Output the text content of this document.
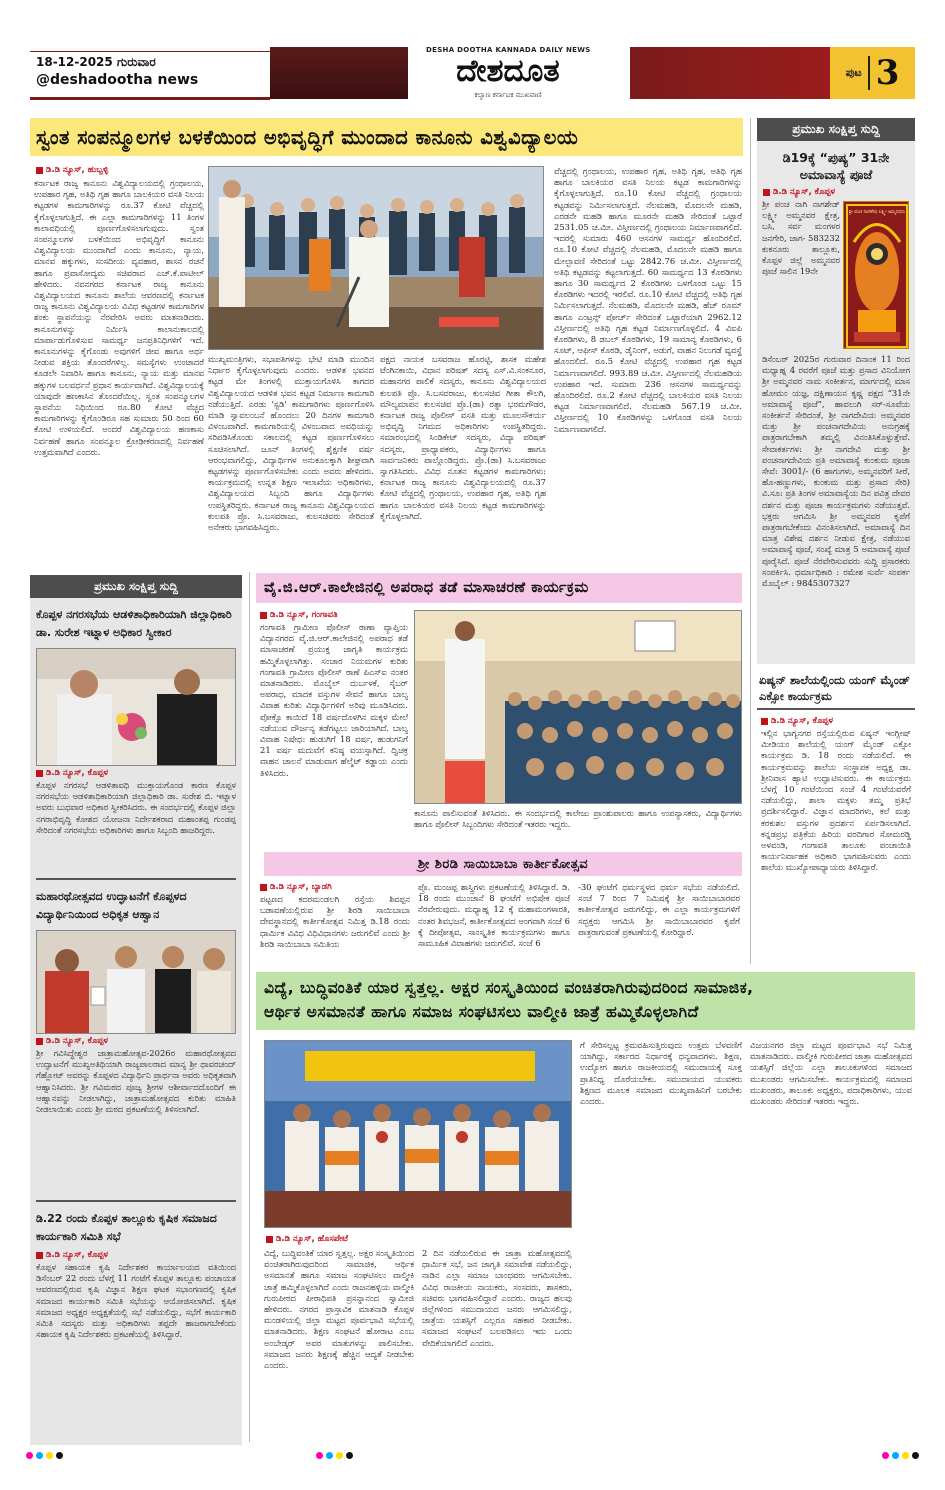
18-12-2025 ಗುರುವಾರ
@deshadootha news
DESHA DOOTHA KANNADA DAILY NEWS
ದೇಶದೂತ
ಕಲ್ಯಾಣ ಕರ್ನಾಟಕ ಮುಖವಾಣಿ
ಪುಟ 3
ಸ್ವಂತ ಸಂಪನ್ಮೂಲಗಳ ಬಳಕೆಯಿಂದ ಅಭಿವೃದ್ಧಿಗೆ ಮುಂದಾದ ಕಾನೂನು ವಿಶ್ವವಿದ್ಯಾಲಯ
ಡಿ.ಡಿ ನ್ಯೂಸ್, ಹುಬ್ಬಳ್ಳಿ
ಕರ್ನಾಟಕ ರಾಜ್ಯ ಕಾನೂನು ವಿಶ್ವವಿದ್ಯಾಲಯದಲ್ಲಿ ಗ್ರಂಥಾಲಯ, ಉಪಹಾರ ಗೃಹ, ಅತಿಥಿ ಗೃಹ ಹಾಗೂ ಬಾಲಕಿಯರ ವಸತಿ ನಿಲಯ ಕಟ್ಟಡಗಳ ಕಾಮಗಾರಿಗಳನ್ನು ರೂ.37 ಕೋಟಿ ವೆಚ್ಚದಲ್ಲಿ ಕೈಗೊಳ್ಳಲಾಗುತ್ತಿದೆ. ಈ ಎಲ್ಲಾ ಕಾಮಗಾರಿಗಳನ್ನು 11 ತಿಂಗಳ ಕಾಲಾವಧಿಯಲ್ಲಿ ಪೂರ್ಣಗೊಳಿಸಲಾಗುವುದು. ಸ್ವಂತ ಸಂಪನ್ಮೂಲಗಳ ಬಳಕೆಯಿಂದ ಅಭಿವೃದ್ಧಿಗೆ ಕಾನೂನು ವಿಶ್ವವಿದ್ಯಾಲಯ ಮುಂದಾಗಿದೆ ಎಂದು ಕಾನೂನು, ನ್ಯಾಯ, ಮಾನವ ಹಕ್ಕುಗಳು, ಸಂಸದೀಯ ವ್ಯವಹಾರ, ಶಾಸನ ರಚನೆ ಹಾಗೂ ಪ್ರವಾಸೋದ್ಯಮ ಸಚಿವರಾದ ಎಚ್.ಕೆ.ಪಾಟೀಲ್ ಹೇಳಿದರು. ನವನಗರದ ಕರ್ನಾಟಕ ರಾಜ್ಯ ಕಾನೂನು ವಿಶ್ವವಿದ್ಯಾಲಯದ ಕಾನೂನು ಶಾಲೆಯ ಆವರಣದಲ್ಲಿ ಕರ್ನಾಟಕ ರಾಜ್ಯ ಕಾನೂನು ವಿಶ್ವವಿದ್ಯಾಲಯ ವಿವಿಧ ಕಟ್ಟಡಗಳ ಕಾಮಗಾರಿಗಳ ಶಂಕು ಸ್ಥಾಪನೆಯನ್ನು ನೆರವೇರಿಸಿ ಅವರು ಮಾತನಾಡಿದರು. ಕಾನೂನುಗಳನ್ನು ನಿರ್ಮಿಸಿ ಕಾಲಾನುಕಾಲದಲ್ಲಿ ಮಾರ್ಪಾಡುಗೊಳಿಸುವ ಸಾಮರ್ಥ್ಯ ಜನಪ್ರತಿನಿಧಿಗಳಿಗೆ ಇದೆ. ಕಾನೂನುಗಳನ್ನು ಕೈಗೊಂಡು ಅವುಗಳಿಗೆ ಜೀವ ಹಾಗೂ ಅರ್ಥ ನೀಡುವ ಶಕ್ತಿಯ ತೊಂದರೆಗಳಿಲ್ಲ. ಸಮಸ್ಯೆಗಳು ಉಂಟಾದರೆ ಕೂಡಲೇ ನಿವಾರಿಸಿ ಹಾಗೂ ಕಾನೂನು, ನ್ಯಾಯ ಮತ್ತು ಮಾನವ ಹಕ್ಕುಗಳ ಬಲವರ್ಧನೆ ಪ್ರಧಾನ ಕಾರ್ಯವಾಗಿದೆ. ವಿಶ್ವವಿದ್ಯಾಲಯಕ್ಕೆ ಯಾವುದೇ ಹಣಕಾಸಿನ ತೊಂದರೆಯಿಲ್ಲ. ಸ್ವಂತ ಸಂಪನ್ಮೂಲಗಳ ಸ್ಥಾಪನೆಯ ನಿಧಿಯಿಂದ ರೂ.80 ಕೋಟಿ ವೆಚ್ಚದ ಕಾಮಗಾರಿಗಳನ್ನು ಕೈಗೊಂಡಿರೂ ಸಹ ಸುಮಾರು 50 ರಿಂದ 60 ಕೋಟಿ ಉಳಿಯಲಿದೆ. ಅಂದರೆ ವಿಶ್ವವಿದ್ಯಾಲಯ ಹಣಕಾಸು ನಿರ್ವಹಣೆ ಹಾಗೂ ಸಂಪನ್ಮೂಲ ಕ್ರೋಢೀಕರಣದಲ್ಲಿ ನಿರ್ವಹಣೆ ಉತ್ತಮವಾಗಿದೆ ಎಂದರು.
ಮುಖ್ಯಮಂತ್ರಿಗಳು, ಸಭಾಪತಿಗಳನ್ನು ಭೇಟಿ ಮಾಡಿ ಮುಂದಿನ ನಿರ್ಧಾರ ಕೈಗೊಳ್ಳಲಾಗುವುದು ಎಂದರು. ಆಡಳಿತ ಭವನದ ಕಟ್ಟಡ ಮೇ ತಿಂಗಳಲ್ಲಿ ಮುಕ್ತಾಯಗೊಳಿಸಿ ಕಾಗದರ ವಿಶ್ವವಿದ್ಯಾಲಯದ ಆಡಳಿತ ಭವನ ಕಟ್ಟಡ ನಿರ್ಮಾಣ ಕಾಮಗಾರಿ ನಡೆಯುತ್ತಿದೆ. ಎರಡು 'ಸ್ಟಡಿ' ಕಾಮಗಾರಿಗಳು ಪೂರ್ಣಗೊಳಿಸಿ ಮಾಡಿ ಸ್ವಾವಲಂಬನೆ ಹೊಂದಲು 20 ದಿನಗಳ ಕಾಮಗಾರಿ ವಿಳಂಬವಾಗಿದೆ. ಕಾಮಗಾರಿಯಲ್ಲಿ ವಿಳಂಬವಾದ ಅವಧಿಯನ್ನು ಸರಿಪಡಿಸಿಕೊಂಡು ಸಕಾಲದಲ್ಲಿ ಕಟ್ಟಡ ಪೂರ್ಣಗೊಳಿಸಲು ಸೂಚಿಸಲಾಗಿದೆ. ಜೂನ್ ತಿಂಗಳಲ್ಲಿ ಶೈಕ್ಷಣಿಕ ವರ್ಷ ಆರಂಭವಾಗಲಿದ್ದು, ವಿದ್ಯಾರ್ಥಿಗಳ ಅನುಕೂಲಕ್ಕಾಗಿ ಶೀಘ್ರವಾಗಿ ಕಟ್ಟಡಗಳನ್ನು ಪೂರ್ಣಗೊಳಿಸಬೇಕು ಎಂದು ಅವರು ಹೇಳಿದರು. ಕಾರ್ಯಕ್ರಮದಲ್ಲಿ ಉನ್ನತ ಶಿಕ್ಷಣ ಇಲಾಖೆಯ ಅಧಿಕಾರಿಗಳು, ವಿಶ್ವವಿದ್ಯಾಲಯದ ಸಿಬ್ಬಂದಿ ಹಾಗೂ ವಿದ್ಯಾರ್ಥಿಗಳು ಉಪಸ್ಥಿತರಿದ್ದರು. ಕರ್ನಾಟಕ ರಾಜ್ಯ ಕಾನೂನು ವಿಶ್ವವಿದ್ಯಾಲಯದ ಕುಲಪತಿ ಪ್ರೊ. ಸಿ.ಬಸವರಾಜು, ಕುಲಸಚಿವರು ಸೇರಿದಂತೆ ಅನೇಕರು ಭಾಗವಹಿಸಿದ್ದರು.
ಪಕ್ಷದ ನಾಯಕ ಬಸವರಾಜ ಹೊರಟ್ಟಿ, ಶಾಸಕ ಮಹೇಶ ಟೆಂಗಿನಕಾಯಿ, ವಿಧಾನ ಪರಿಷತ್ ಸದಸ್ಯ ಎಸ್.ವಿ.ಸಂಕನೂರ, ಮಹಾನಗರ ಪಾಲಿಕೆ ಸದಸ್ಯರು, ಕಾನೂನು ವಿಶ್ವವಿದ್ಯಾಲಯದ ಕುಲಪತಿ ಪ್ರೊ. ಸಿ.ಬಸವರಾಜು, ಕುಲಸಚಿವ ಗೀತಾ ಕೌಲಗಿ, ಮೌಲ್ಯಮಾಪನ ಕುಲಸಚಿವ ಪ್ರೊ.(ಡಾ) ರತ್ನಾ ಭರಮಗೌಡರ, ಕರ್ನಾಟಕ ರಾಜ್ಯ ಪೊಲೀಸ್ ವಸತಿ ಮತ್ತು ಮೂಲಸೌಕರ್ಯ ಅಭಿವೃದ್ಧಿ ನಿಗಮದ ಅಧಿಕಾರಿಗಳು ಉಪಸ್ಥಿತರಿದ್ದರು. ಸಮಾರಂಭದಲ್ಲಿ ಸಿಂಡಿಕೇಟ್ ಸದಸ್ಯರು, ವಿದ್ಯಾ ಪರಿಷತ್ ಸದಸ್ಯರು, ಪ್ರಾಧ್ಯಾಪಕರು, ವಿದ್ಯಾರ್ಥಿಗಳು ಹಾಗೂ ಸಾರ್ವಜನಿಕರು ಪಾಲ್ಗೊಂಡಿದ್ದರು. ಪ್ರೊ.(ಡಾ) ಸಿ.ಬಸವರಾಜು ಸ್ವಾಗತಿಸಿದರು. ವಿವಿಧ ನೂತನ ಕಟ್ಟಡಗಳ ಕಾಮಗಾರಿಗಳು: ಕರ್ನಾಟಕ ರಾಜ್ಯ ಕಾನೂನು ವಿಶ್ವವಿದ್ಯಾಲಯದಲ್ಲಿ ರೂ.37 ಕೋಟಿ ವೆಚ್ಚದಲ್ಲಿ ಗ್ರಂಥಾಲಯ, ಉಪಹಾರ ಗೃಹ, ಅತಿಥಿ ಗೃಹ ಹಾಗೂ ಬಾಲಕಿಯರ ವಸತಿ ನಿಲಯ ಕಟ್ಟಡ ಕಾಮಗಾರಿಗಳನ್ನು ಕೈಗೊಳ್ಳಲಾಗಿದೆ.
ವೆಚ್ಚದಲ್ಲಿ ಗ್ರಂಥಾಲಯ, ಉಪಹಾರ ಗೃಹ, ಅತಿಥಿ ಗೃಹ, ಅತಿಥಿ ಗೃಹ ಹಾಗೂ ಬಾಲಕಿಯರ ವಸತಿ ನಿಲಯ ಕಟ್ಟಡ ಕಾಮಗಾರಿಗಳನ್ನು ಕೈಗೊಳ್ಳಲಾಗುತ್ತಿದೆ. ರೂ.10 ಕೋಟಿ ವೆಚ್ಚದಲ್ಲಿ ಗ್ರಂಥಾಲಯ ಕಟ್ಟಡವನ್ನು ನಿರ್ಮಿಸಲಾಗುತ್ತದೆ. ನೆಲಮಹಡಿ, ಮೊದಲನೇ ಮಹಡಿ, ಎರಡನೇ ಮಹಡಿ ಹಾಗೂ ಮೂರನೇ ಮಹಡಿ ಸೇರಿದಂತೆ ಒಟ್ಟಾರೆ 2531.05 ಚ.ಮೀ. ವಿಸ್ತೀರ್ಣದಲ್ಲಿ ಗ್ರಂಥಾಲಯ ನಿರ್ಮಾಣವಾಗಲಿದೆ. ಇದರಲ್ಲಿ ಸುಮಾರು 460 ಆಸನಗಳ ಸಾಮರ್ಥ್ಯ ಹೊಂದಿರಲಿದೆ. ರೂ.10 ಕೋಟಿ ವೆಚ್ಚದಲ್ಲಿ ನೆಲಮಹಡಿ, ಮೊದಲನೇ ಮಹಡಿ ಹಾಗೂ ಮೇಲ್ಛಾವಣಿ ಸೇರಿದಂತೆ ಒಟ್ಟು 2842.76 ಚ.ಮೀ. ವಿಸ್ತೀರ್ಣದಲ್ಲಿ ಅತಿಥಿ ಕಟ್ಟಡವನ್ನು ಕಟ್ಟಲಾಗುತ್ತದೆ. 60 ಸಾಮರ್ಥ್ಯದ 13 ಕೊಠಡಿಗಳು ಹಾಗೂ 30 ಸಾಮರ್ಥ್ಯದ 2 ಕೊಠಡಿಗಳು ಒಳಗೊಂಡ ಒಟ್ಟು 15 ಕೊಠಡಿಗಳು ಇದರಲ್ಲಿ ಇರಲಿವೆ. ರೂ.10 ಕೋಟಿ ವೆಚ್ಚದಲ್ಲಿ ಅತಿಥಿ ಗೃಹ ನಿರ್ಮಿಸಲಾಗುತ್ತದೆ. ನೆಲಮಹಡಿ, ಮೊದಲನೇ ಮಹಡಿ, ಹೆಚ್ ರೂಮ್ ಹಾಗೂ ಎಂಟ್ರನ್ಸ್ ಪೋರ್ಚ್ ಸೇರಿದಂತೆ ಒಟ್ಟಾರೆಯಾಗಿ 2962.12 ವಿಸ್ತೀರ್ಣದಲ್ಲಿ ಅತಿಥಿ ಗೃಹ ಕಟ್ಟಡ ನಿರ್ಮಾಣಗೊಳ್ಳಲಿದೆ. 4 ವಿಐಪಿ ಕೊಠಡಿಗಳು, 8 ಡಬಲ್ ಕೊಠಡಿಗಳು, 19 ಸಾಮಾನ್ಯ ಕೊಠಡಿಗಳು, 6 ಸೂಟ್, ಆಫೀಸ್ ಕೊಠಡಿ, ಡೈನಿಂಗ್, ಅಡುಗೆ, ವಾಹನ ನಿಲುಗಡೆ ವ್ಯವಸ್ಥೆ ಹೊಂದಲಿದೆ. ರೂ.5 ಕೋಟಿ ವೆಚ್ಚದಲ್ಲಿ ಉಪಹಾರ ಗೃಹ ಕಟ್ಟಡ ನಿರ್ಮಾಣವಾಗಲಿದೆ. 993.89 ಚ.ಮೀ. ವಿಸ್ತೀರ್ಣದಲ್ಲಿ ನೆಲಮಹಡಿಯ ಉಪಹಾರ ಇದೆ. ಸುಮಾರು 236 ಆಸನಗಳ ಸಾಮರ್ಥ್ಯವನ್ನು ಹೊಂದಿರಲಿದೆ. ರೂ.2 ಕೋಟಿ ವೆಚ್ಚದಲ್ಲಿ ಬಾಲಕಿಯರ ವಸತಿ ನಿಲಯ ಕಟ್ಟಡ ನಿರ್ಮಾಣವಾಗಲಿದೆ. ನೆಲಮಹಡಿ 567.19 ಚ.ಮೀ. ವಿಸ್ತೀರ್ಣದಲ್ಲಿ 10 ಕೊಠಡಿಗಳನ್ನು ಒಳಗೊಂಡ ವಸತಿ ನಿಲಯ ನಿರ್ಮಾಣವಾಗಲಿದೆ.
ಪ್ರಮುಖ ಸಂಕ್ಷಿಪ್ತ ಸುದ್ದಿ
ಡಿ19ಕ್ಕೆ “ಪುಷ್ಯ” 31ನೇ ಅಮಾವಾಸ್ಯೆ ಪೂಜೆ
ಡಿ.ಡಿ ನ್ಯೂಸ್, ಕೊಪ್ಪಳ
ಶ್ರೀ ಪಂಚ ನಾಗಿ ನಾಗಶೇಡ್ ಲಕ್ಷ್ಮೀ ಅಮ್ಮನವರ ಕ್ಷೇತ್ರ, ಬಸಿ, ಸರ್ವ ಮಂಗಳರ ಜನಗೇರಿ, ಜಾಗ- 583232 ಕುಕನೂರು ತಾಲ್ಲೂಕು, ಕೊಪ್ಪಳ ಜಿಲ್ಲೆ ಅಮ್ಮನವರ ಪೂಜೆ ಸಾಲಿನ 19ನೇ
ಶ್ರೀ ಪಂಚ ನಾಗಶೇಷ ಲಕ್ಷ್ಮೀ ಅಮ್ಮನವರು
ಡಿಸೆಂಬರ್ 2025ರ ಗುರುವಾರ ದಿನಾಂಕ 11 ರಿಂದ ಮಧ್ಯಾಹ್ನ 4 ರವರೆಗೆ ಪೂಜೆ ಮತ್ತು ಪ್ರಸಾದ ವಿನಿಯೋಗ ಶ್ರೀ ಅಮ್ಮನವರ ನಾಮ ಸಂಕೀರ್ತನ, ಮಾರ್ಗದಲ್ಲಿ ಮಾಸ ಹೋಮಂ ಯಜ್ಞ, ದಕ್ಷಿಣಾಯನ ಕೃಷ್ಣ ಪಕ್ಷದ “31ನೇ ಅಮಾವಾಸ್ಯೆ ಪೂಜೆ”, ಹಾವಲುಗಿ ಸರ್-ಸೂವೆಯ ಸಂಕೀರ್ತನೆ ಸೇರಿದಂತೆ, ಶ್ರೀ ನಾಗದೇವಿಯ ಅಮ್ಮನವರ ಮತ್ತು ಶ್ರೀ ಪಂಚನಾಗದೇವಿಯ ಅನುಗ್ರಹಕ್ಕೆ ಪಾತ್ರರಾಗಬೇಕಾಗಿ ತಮ್ಮಲ್ಲಿ ವಿನಂತಿಸಿಕೊಳ್ಳುತ್ತೇವೆ. ಸೇವಾಕರ್ತಗಳ: ಶ್ರೀ ನಾಗದೇವಿ ಮತ್ತು ಶ್ರೀ ಪಂಚನಾಗದೇವಿಯ ಪ್ರತಿ ಅಮಾವಾಸ್ಯೆ ಕುಂಕುಮ ಪೂಜಾ ಸೇವೆ: 3001/- (6 ಹಾಗುಗಳು, ಅಮ್ಮನವರಿಗೆ ಸೀರೆ, ಹೊ-ಹಣ್ಣುಗಳು, ಕುಂಕುಮ ಮತ್ತು ಪ್ರಸಾದ ಸೇರಿ) ವಿ.ಸೂ: ಪ್ರತಿ ತಿಂಗಳ ಅಮಾವಾಸ್ಯೆಯ ದಿನ ಪವಿತ್ರ ದೇವರ ದರ್ಶನ ಮತ್ತು ಪೂಜಾ ಕಾರ್ಯಕ್ರಮಗಳು ನಡೆಯುತ್ತವೆ. ಭಕ್ತರು ಆಗಮಿಸಿ ಶ್ರೀ ಅಮ್ಮನವರ ಕೃಪೆಗೆ ಪಾತ್ರರಾಗಬೇಕೆಂದು ವಿನಂತಿಸಲಾಗಿದೆ. ಅಮಾವಾಸ್ಯೆ ದಿನ ಮಾತ್ರ ವಿಶೇಷ ದರ್ಶನ ನೀಡುವ ಕ್ಷೇತ್ರ, ನಡೆಯುವ ಅಮಾವಾಸ್ಯೆ ಪೂಜೆ, ಸಂಖ್ಯೆ ಮಾತ್ರ 5 ಅಮಾವಾಸ್ಯೆ ಪೂಜೆ ಪೂರೈಸಿದೆ. ಪೂಜೆ ನೆರವೇರಿಸುವವರು ಸುದ್ದಿ ಪ್ರಸಾರಕರು ಸಂಪರ್ಕಿಸಿ. ಧರ್ಮಾಧಿಕಾರಿ : ರಮೇಶ ಸುರ್ವೆ ಸಂಪರ್ಕ ಮೊಬೈಲ್ : 9845307327
ಏಷ್ಯನ್ ಶಾಲೆಯಲ್ಲಿಂದು ಯಂಗ್ ಮೈಂಡ್ ಎಕ್ಸೋ ಕಾರ್ಯಕ್ರಮ
ಡಿ.ಡಿ ನ್ಯೂಸ್, ಕೊಪ್ಪಳ
ಇಲ್ಲಿನ ಭಾಗ್ಯನಗರ ರಸ್ತೆಯಲ್ಲಿರುವ ಏಷ್ಯನ್ ಇಂಗ್ಲೀಷ್ ಮೀಡಿಯಂ ಶಾಲೆಯಲ್ಲಿ ಯಂಗ್ ಮೈಂಡ್ ಎಕ್ಸೋ ಕಾರ್ಯಕ್ರಮ ಡಿ. 18 ರಂದು ನಡೆಯಲಿದೆ. ಈ ಕಾರ್ಯಕ್ರಮವನ್ನು ಶಾಲೆಯ ಸಂಸ್ಥಾಪಕ ಅಧ್ಯಕ್ಷ ಡಾ. ಶ್ರೀನಿವಾಸ ಹ್ಯಾಟಿ ಉದ್ಘಾಟಿಸುವರು. ಈ ಕಾರ್ಯಕ್ರಮ ಬೆಳಗ್ಗೆ 10 ಗಂಟೆಯಿಂದ ಸಂಜೆ 4 ಗಂಟೆಯವರೆಗೆ ನಡೆಯಲಿದ್ದು, ಶಾಲಾ ಮಕ್ಕಳು ತಮ್ಮ ಪ್ರತಿಭೆ ಪ್ರದರ್ಶಿಸಲಿದ್ದಾರೆ. ವಿಜ್ಞಾನ ಮಾದರಿಗಳು, ಕಲೆ ಮತ್ತು ಕರಕುಶಲ ವಸ್ತುಗಳ ಪ್ರದರ್ಶನ ಏರ್ಪಡಿಸಲಾಗಿದೆ. ಕನ್ನಡಪ್ರಭ ಪತ್ರಿಕೆಯ ಹಿರಿಯ ವರದಿಗಾರ ಸೋಮರಡ್ಡಿ ಅಳವಂಡಿ, ಗಂಗಾವತಿ ತಾಲೂಕು ಪಂಚಾಯಿತಿ ಕಾರ್ಯನಿರ್ವಾಹಕ ಅಧಿಕಾರಿ ಭಾಗವಹಿಸುವರು ಎಂದು ಶಾಲೆಯ ಮುಖ್ಯೋಪಾಧ್ಯಾಯರು ತಿಳಿಸಿದ್ದಾರೆ.
ಪ್ರಮುಖ ಸಂಕ್ಷಿಪ್ತ ಸುದ್ದಿ
ಕೊಪ್ಪಳ ನಗರಸಭೆಯ ಆಡಳಿತಾಧಿಕಾರಿಯಾಗಿ ಜಿಲ್ಲಾಧಿಕಾರಿ ಡಾ. ಸುರೇಶ ಇಟ್ನಾಳ ಅಧಿಕಾರ ಸ್ವೀಕಾರ
ಡಿ.ಡಿ ನ್ಯೂಸ್, ಕೊಪ್ಪಳ
ಕೊಪ್ಪಳ ನಗರಸಭೆ ಆಡಳಿತಾವಧಿ ಮುಕ್ತಾಯಗೊಂಡ ಕಾರಣ ಕೊಪ್ಪಳ ನಗರಸಭೆಯ ಆಡಳಿತಾಧಿಕಾರಿಯಾಗಿ ಜಿಲ್ಲಾಧಿಕಾರಿ ಡಾ. ಸುರೇಶ ಬಿ. ಇಟ್ನಾಳ ಅವರು ಬುಧವಾರ ಅಧಿಕಾರ ಸ್ವೀಕರಿಸಿದರು. ಈ ಸಂದರ್ಭದಲ್ಲಿ ಕೊಪ್ಪಳ ಜಿಲ್ಲಾ ನಗರಾಭಿವೃದ್ಧಿ ಕೋಶದ ಯೋಜನಾ ನಿರ್ದೇಶಕರಾದ ಮಹಾಂತಪ್ಪ ಗುಂಡಪ್ಪ ಸೇರಿದಂತೆ ನಗರಸಭೆಯ ಅಧಿಕಾರಿಗಳು ಹಾಗೂ ಸಿಬ್ಬಂದಿ ಹಾಜರಿದ್ದರು.
ಮಹಾರಥೋತ್ಸವದ ಉದ್ಘಾಟನೆಗೆ ಕೊಪ್ಪಳದ ವಿದ್ಯಾರ್ಥಿನಿಯಿಂದ ಅಧಿಕೃತ ಆಹ್ವಾನ
ಡಿ.ಡಿ ನ್ಯೂಸ್, ಕೊಪ್ಪಳ
ಶ್ರೀ ಗವಿಸಿದ್ಧೇಶ್ವರ ಜಾತ್ರಾಮಹೋತ್ಸವ-2026ರ ಮಹಾರಥೋತ್ಸವದ ಉದ್ಘಾಟನೆಗೆ ಮುಖ್ಯಅತಿಥಿಯಾಗಿ ರಾಜ್ಯಪಾಲರಾದ ಮಾನ್ಯ ಶ್ರೀ ಥಾವರಚಂದ್ ಗೆಹ್ಲೋಟ್ ಅವರನ್ನು ಕೊಪ್ಪಳದ ವಿದ್ಯಾರ್ಥಿನಿ ಪ್ರಾರ್ಥನಾ ಅವರು ಅಧಿಕೃತವಾಗಿ ಆಹ್ವಾನಿಸಿದರು. ಶ್ರೀ ಗವಿಮಠದ ಪೂಜ್ಯ ಶ್ರೀಗಳ ಆಶೀರ್ವಾದದೊಂದಿಗೆ ಈ ಆಹ್ವಾನವನ್ನು ನೀಡಲಾಗಿದ್ದು, ಜಾತ್ರಾಮಹೋತ್ಸವದ ಕುರಿತು ಮಾಹಿತಿ ನೀಡಲಾಯಿತು ಎಂದು ಶ್ರೀ ಮಠದ ಪ್ರಕಟಣೆಯಲ್ಲಿ ತಿಳಿಸಲಾಗಿದೆ.
ಡಿ.22 ರಂದು ಕೊಪ್ಪಳ ತಾಲ್ಲೂಕು ಕೃಷಿಕ ಸಮಾಜದ ಕಾರ್ಯಕಾರಿ ಸಮಿತಿ ಸಭೆ
ಡಿ.ಡಿ ನ್ಯೂಸ್, ಕೊಪ್ಪಳ
ಕೊಪ್ಪಳ ಸಹಾಯಕ ಕೃಷಿ ನಿರ್ದೇಶಕರ ಕಾರ್ಯಾಲಯದ ವತಿಯಿಂದ ಡಿಸೆಂಬರ್ 22 ರಂದು ಬೆಳಗ್ಗೆ 11 ಗಂಟೆಗೆ ಕೊಪ್ಪಳ ತಾಲ್ಲೂಕು ಪಂಚಾಯತ ಆವರಣದಲ್ಲಿರುವ ಕೃಷಿ ವಿಜ್ಞಾನ ಶಿಕ್ಷಣ ಘಟಕ ಸಭಾಂಗಣದಲ್ಲಿ ಕೃಷಿಕ ಸಮಾಜದ ಕಾರ್ಯಕಾರಿ ಸಮಿತಿ ಸಭೆಯನ್ನು ಆಯೋಜಿಸಲಾಗಿದೆ. ಕೃಷಿಕ ಸಮಾಜದ ಅಧ್ಯಕ್ಷರ ಅಧ್ಯಕ್ಷತೆಯಲ್ಲಿ ಸಭೆ ನಡೆಯಲಿದ್ದು, ಸಭೆಗೆ ಕಾರ್ಯಕಾರಿ ಸಮಿತಿ ಸದಸ್ಯರು ಮತ್ತು ಅಧಿಕಾರಿಗಳು ತಪ್ಪದೇ ಹಾಜರಾಗಬೇಕೆಂದು ಸಹಾಯಕ ಕೃಷಿ ನಿರ್ದೇಶಕರು ಪ್ರಕಟಣೆಯಲ್ಲಿ ತಿಳಿಸಿದ್ದಾರೆ.
ವೈ.ಜಿ.ಆರ್.ಕಾಲೇಜಿನಲ್ಲಿ ಅಪರಾಧ ತಡೆ ಮಾಸಾಚರಣೆ ಕಾರ್ಯಕ್ರಮ
ಡಿ.ಡಿ ನ್ಯೂಸ್, ಗಂಗಾವತಿ
ಗಂಗಾವತಿ ಗ್ರಾಮೀಣ ಪೊಲೀಸ್ ಠಾಣಾ ವ್ಯಾಪ್ತಿಯ ವಿದ್ಯಾನಗರದ ವೈ.ಜಿ.ಆರ್.ಕಾಲೇಜಿನಲ್ಲಿ ಅಪರಾಧ ತಡೆ ಮಾಸಾಚರಣೆ ಪ್ರಯುಕ್ತ ಜಾಗೃತಿ ಕಾರ್ಯಕ್ರಮ ಹಮ್ಮಿಕೊಳ್ಳಲಾಗಿತ್ತು. ಸಂಚಾರ ನಿಯಮಗಳ ಕುರಿತು ಗಂಗಾವತಿ ಗ್ರಾಮೀಣ ಪೊಲೀಸ್ ಠಾಣೆ ಪಿಎಸ್‌ಐ ನಂತರ ಮಾತನಾಡಿದರು. ಮೊಬೈಲ್ ದುರ್ಬಳಕೆ, ಸೈಬರ್ ಅಪರಾಧ, ಮಾದಕ ವಸ್ತುಗಳ ಸೇವನೆ ಹಾಗೂ ಬಾಲ್ಯ ವಿವಾಹ ಕುರಿತು ವಿದ್ಯಾರ್ಥಿಗಳಿಗೆ ಅರಿವು ಮೂಡಿಸಿದರು. ಪೋಕ್ಸೊ ಕಾಯಿದೆ 18 ವರ್ಷದೊಳಗಿನ ಮಕ್ಕಳ ಮೇಲೆ ನಡೆಯುವ ದೌರ್ಜನ್ಯ ತಡೆಗಟ್ಟಲು ಜಾರಿಯಾಗಿದೆ. ಬಾಲ್ಯ ವಿವಾಹ ನಿಷೇಧ: ಹುಡುಗಿಗೆ 18 ವರ್ಷ, ಹುಡುಗನಿಗೆ 21 ವರ್ಷ ಮದುವೆಗೆ ಕನಿಷ್ಠ ವಯಸ್ಸಾಗಿದೆ. ದ್ವಿಚಕ್ರ ವಾಹನ ಚಾಲನೆ ಮಾಡುವಾಗ ಹೆಲ್ಮೆಟ್ ಕಡ್ಡಾಯ ಎಂದು ತಿಳಿಸಿದರು.
ಕಾನೂನು ಪಾಲಿಸುವಂತೆ ತಿಳಿಸಿದರು. ಈ ಸಂದರ್ಭದಲ್ಲಿ ಕಾಲೇಜು ಪ್ರಾಂಶುಪಾಲರು ಹಾಗೂ ಉಪನ್ಯಾಸಕರು, ವಿದ್ಯಾರ್ಥಿಗಳು ಹಾಗೂ ಪೊಲೀಸ್ ಸಿಬ್ಬಂದಿಗಳು ಸೇರಿದಂತೆ ಇತರರು ಇದ್ದರು.
ಶ್ರೀ ಶಿರಡಿ ಸಾಯಿಬಾಬಾ ಕಾರ್ತೀಕೋತ್ಸವ
ಡಿ.ಡಿ ನ್ಯೂಸ್, ಬ್ಯಾಡಗಿ
ಪಟ್ಟಣದ ಕದರಮಂಡಲಗಿ ರಸ್ತೆಯ ಶಿವಪ್ಪನ ಬಡಾವಣೆಯಲ್ಲಿರುವ ಶ್ರೀ ಶಿರಡಿ ಸಾಯಿಬಾಬಾ ದೇವಸ್ಥಾನದಲ್ಲಿ ಕಾರ್ತೀಕೋತ್ಸವ ನಿಮಿತ್ತ ಡಿ.18 ರಂದು ಧಾರ್ಮಿಕ ವಿವಿಧ ವಿಧಿವಿಧಾನಗಳು ಜರುಗಲಿವೆ ಎಂದು ಶ್ರೀ ಶಿರಡಿ ಸಾಯಿಬಾಬಾ ಸಮಿತಿಯ
ಪ್ರೊ. ಮಂಜಪ್ಪ ಶಾಸ್ತ್ರಿಗಳು ಪ್ರಕಟಣೆಯಲ್ಲಿ ತಿಳಿಸಿದ್ದಾರೆ. ಡಿ. 18 ರಂದು ಮುಂಜಾನೆ 8 ಘಂಟೆಗೆ ಅಭಿಷೇಕ ಪೂಜೆ ನೆರವೇರುವುದು. ಮಧ್ಯಾಹ್ನ 12 ಕ್ಕೆ ಮಹಾಮಂಗಳಾರತಿ, ನಂತರ ಶಿವಭಜನೆ, ಕಾರ್ತೀಕೋತ್ಸವದ ಅಂಗವಾಗಿ ಸಂಜೆ 6 ಕ್ಕೆ ದೀಪೋತ್ಸವ, ಸಾಂಸ್ಕೃತಿಕ ಕಾರ್ಯಕ್ರಮಗಳು ಹಾಗೂ ಸಾಮೂಹಿಕ ವಿವಾಹಗಳು ಜರುಗಲಿವೆ. ಸಂಜೆ 6
-30 ಘಂಟೆಗೆ ಧರ್ಮಸ್ಥಳದ ಧರ್ಮ ಸಭೆಯ ನಡೆಯಲಿದೆ. ಸಂಜೆ 7 ರಿಂದ 7 ನಿಮಿಷಕ್ಕೆ ಶ್ರೀ ಸಾಯಿಬಾಬಾರವರ ಕಾರ್ತೀಕೋತ್ಸವ ಜರುಗಲಿದ್ದು, ಈ ಎಲ್ಲಾ ಕಾರ್ಯಕ್ರಮಗಳಿಗೆ ಸದ್ಭಕ್ತರು ಆಗಮಿಸಿ ಶ್ರೀ ಸಾಯಿಬಾಬಾರವರ ಕೃಪೆಗೆ ಪಾತ್ರರಾಗುವಂತೆ ಪ್ರಕಟಣೆಯಲ್ಲಿ ಕೋರಿದ್ದಾರೆ.
ವಿದ್ಯೆ, ಬುದ್ಧಿವಂತಿಕೆ ಯಾರ ಸ್ವತ್ತಲ್ಲ. ಅಕ್ಷರ ಸಂಸ್ಕೃತಿಯಿಂದ ವಂಚಿತರಾಗಿರುವುದರಿಂದ ಸಾಮಾಜಿಕ,
ಆರ್ಥಿಕ ಅಸಮಾನತೆ ಹಾಗೂ ಸಮಾಜ ಸಂಘಟಿಸಲು ವಾಲ್ಮೀಕಿ ಜಾತ್ರೆ ಹಮ್ಮಿಕೊಳ್ಳಲಾಗಿದೆ
ಡಿ.ಡಿ ನ್ಯೂಸ್, ಹೊಸಪೇಟೆ
ವಿದ್ಯೆ, ಬುದ್ಧಿವಂತಿಕೆ ಯಾರ ಸ್ವತ್ತಲ್ಲ. ಅಕ್ಷರ ಸಂಸ್ಕೃತಿಯಿಂದ ವಂಚಿತರಾಗಿರುವುದರಿಂದ ಸಾಮಾಜಿಕ, ಆರ್ಥಿಕ ಅಸಮಾನತೆ ಹಾಗೂ ಸಮಾಜ ಸಂಘಟಿಸಲು ವಾಲ್ಮೀಕಿ ಜಾತ್ರೆ ಹಮ್ಮಿಕೊಳ್ಳಲಾಗಿದೆ ಎಂದು ರಾಜನಹಳ್ಳಿಯ ವಾಲ್ಮೀಕಿ ಗುರುಪೀಠದ ಪೀಠಾಧಿಪತಿ ಪ್ರಸನ್ನಾನಂದ ಸ್ವಾಮೀಜಿ ಹೇಳಿದರು. ನಗರದ ಪ್ರಾಸ್ತಾವಿಕ ಮಾತನಾಡಿ ಕೊಪ್ಪಳ ಮಂಡಳಿಯಲ್ಲಿ ಜಿಲ್ಲಾ ಮಟ್ಟದ ಪೂರ್ವಭಾವಿ ಸಭೆಯಲ್ಲಿ ಮಾತನಾಡಿದರು. ಶಿಕ್ಷಣ ಸಂಘಟನೆ ಹೋರಾಟ ಎಂಬ ಅಂಬೇಡ್ಕರ್ ಅವರ ಮಾತುಗಳನ್ನು ಪಾಲಿಸಬೇಕು. ಸಮಾಜದ ಜನರು ಶಿಕ್ಷಣಕ್ಕೆ ಹೆಚ್ಚಿನ ಆದ್ಯತೆ ನೀಡಬೇಕು ಎಂದರು.
2 ದಿನ ನಡೆಯಲಿರುವ ಈ ಜಾತ್ರಾ ಮಹೋತ್ಸವದಲ್ಲಿ ಧಾರ್ಮಿಕ ಸಭೆ, ಜನ ಜಾಗೃತಿ ಸಮಾವೇಶ ನಡೆಯಲಿದ್ದು, ನಾಡಿನ ಎಲ್ಲಾ ಸಮಾಜ ಬಾಂಧವರು ಆಗಮಿಸಬೇಕು. ವಿವಿಧ ರಾಜಕೀಯ ನಾಯಕರು, ಸಂಸದರು, ಶಾಸಕರು, ಸಚಿವರು ಭಾಗವಹಿಸಲಿದ್ದಾರೆ ಎಂದರು. ರಾಜ್ಯದ ಹಲವು ಜಿಲ್ಲೆಗಳಿಂದ ಸಮುದಾಯದ ಜನರು ಆಗಮಿಸಲಿದ್ದು, ಜಾತ್ರೆಯ ಯಶಸ್ಸಿಗೆ ಎಲ್ಲರೂ ಸಹಕಾರ ನೀಡಬೇಕು. ಸಮಾಜದ ಸಂಘಟನೆ ಬಲಪಡಿಸಲು ಇದು ಒಂದು ವೇದಿಕೆಯಾಗಲಿದೆ ಎಂದರು.
ಗೆ ಸೇರಿಸಲ್ಪಟ್ಟ ಕ್ರಮವಹಿಸುತ್ತಿರುವುದು ಉತ್ತಮ ಬೆಳವಣಿಗೆ ಯಾಗಿದ್ದು, ಸರ್ಕಾರದ ನಿರ್ಧಾರಕ್ಕೆ ಧನ್ಯವಾದಗಳು. ಶಿಕ್ಷಣ, ಉದ್ಯೋಗ ಹಾಗೂ ರಾಜಕೀಯದಲ್ಲಿ ಸಮುದಾಯಕ್ಕೆ ಸೂಕ್ತ ಪ್ರಾತಿನಿಧ್ಯ ದೊರೆಯಬೇಕು. ಸಮುದಾಯದ ಯುವಕರು ಶಿಕ್ಷಣದ ಮೂಲಕ ಸಮಾಜದ ಮುಖ್ಯವಾಹಿನಿಗೆ ಬರಬೇಕು ಎಂದರು.
ವಿಜಯನಗರ ಜಿಲ್ಲಾ ಮಟ್ಟದ ಪೂರ್ವಭಾವಿ ಸಭೆ ನಿಮಿತ್ತ ಮಾತನಾಡಿದರು. ವಾಲ್ಮೀಕಿ ಗುರುಪೀಠದ ಜಾತ್ರಾ ಮಹೋತ್ಸವದ ಯಶಸ್ಸಿಗೆ ಜಿಲ್ಲೆಯ ಎಲ್ಲಾ ತಾಲೂಕುಗಳಿಂದ ಸಮಾಜದ ಮುಖಂಡರು ಆಗಮಿಸಬೇಕು. ಕಾರ್ಯಕ್ರಮದಲ್ಲಿ ಸಮಾಜದ ಮುಖಂಡರು, ತಾಲೂಕು ಅಧ್ಯಕ್ಷರು, ಪದಾಧಿಕಾರಿಗಳು, ಯುವ ಮುಖಂಡರು ಸೇರಿದಂತೆ ಇತರರು ಇದ್ದರು.
